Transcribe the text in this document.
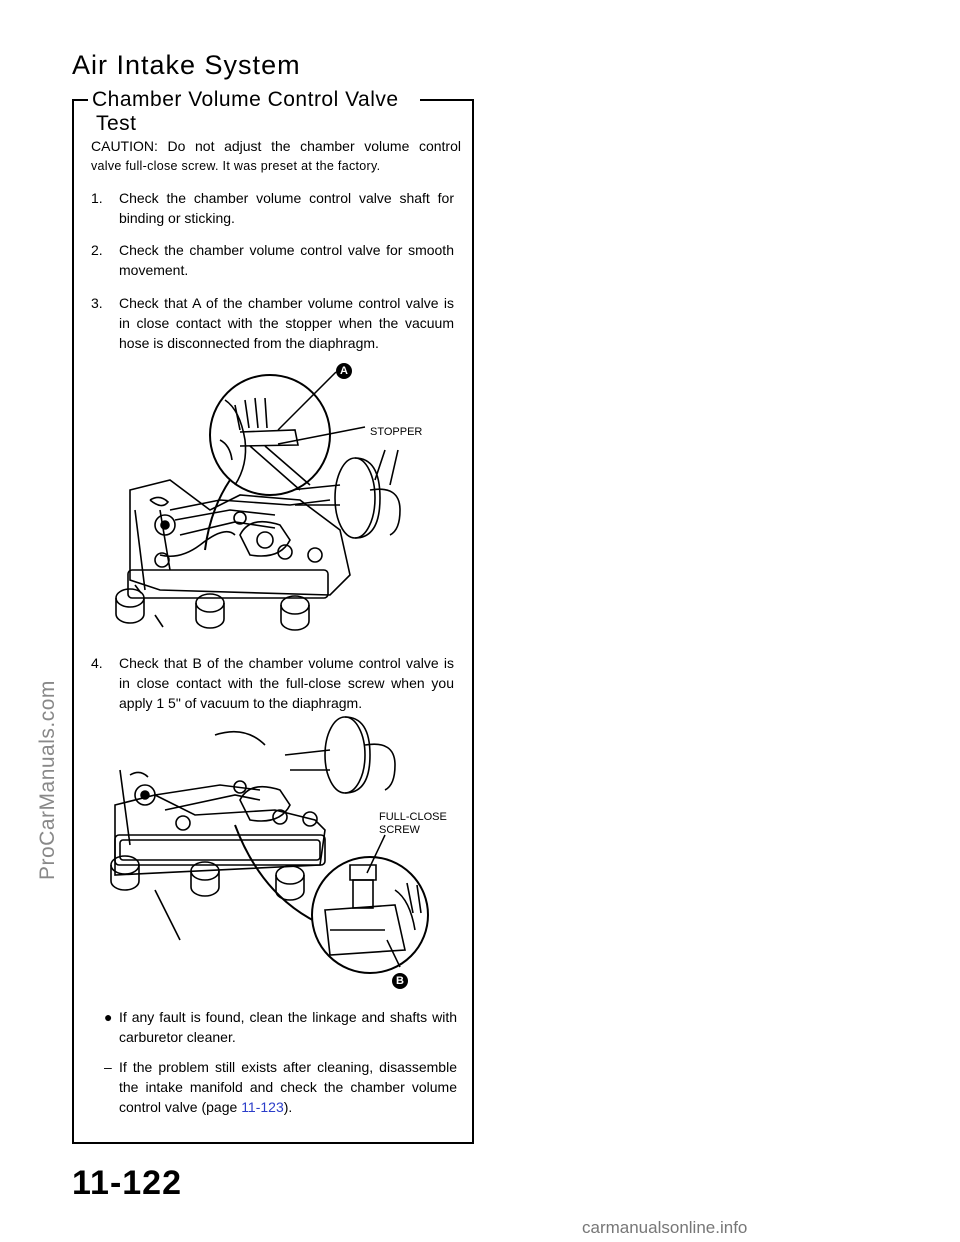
Air Intake System
Chamber Volume Control Valve
Test
CAUTION: Do not adjust the chamber volume control
valve full-close screw. It was preset at the factory.
1.	Check the chamber volume control valve shaft for binding or sticking.
2.	Check the chamber volume control valve for smooth movement.
3.	Check that A of the chamber volume control valve is in close contact with the stopper when the vacuum hose is disconnected from the diaphragm.
A
STOPPER
4.	Check that B of the chamber volume control valve is in close contact with the full-close screw when you apply 1 5" of vacuum to the diaphragm.
FULL-CLOSE
SCREW
B
● If any fault is found, clean the linkage and shafts with carburetor cleaner.
– If the problem still exists after cleaning, disassemble the intake manifold and check the chamber volume control valve (page 11-123).
11-122
ProCarManuals.com
carmanualsonline.info
